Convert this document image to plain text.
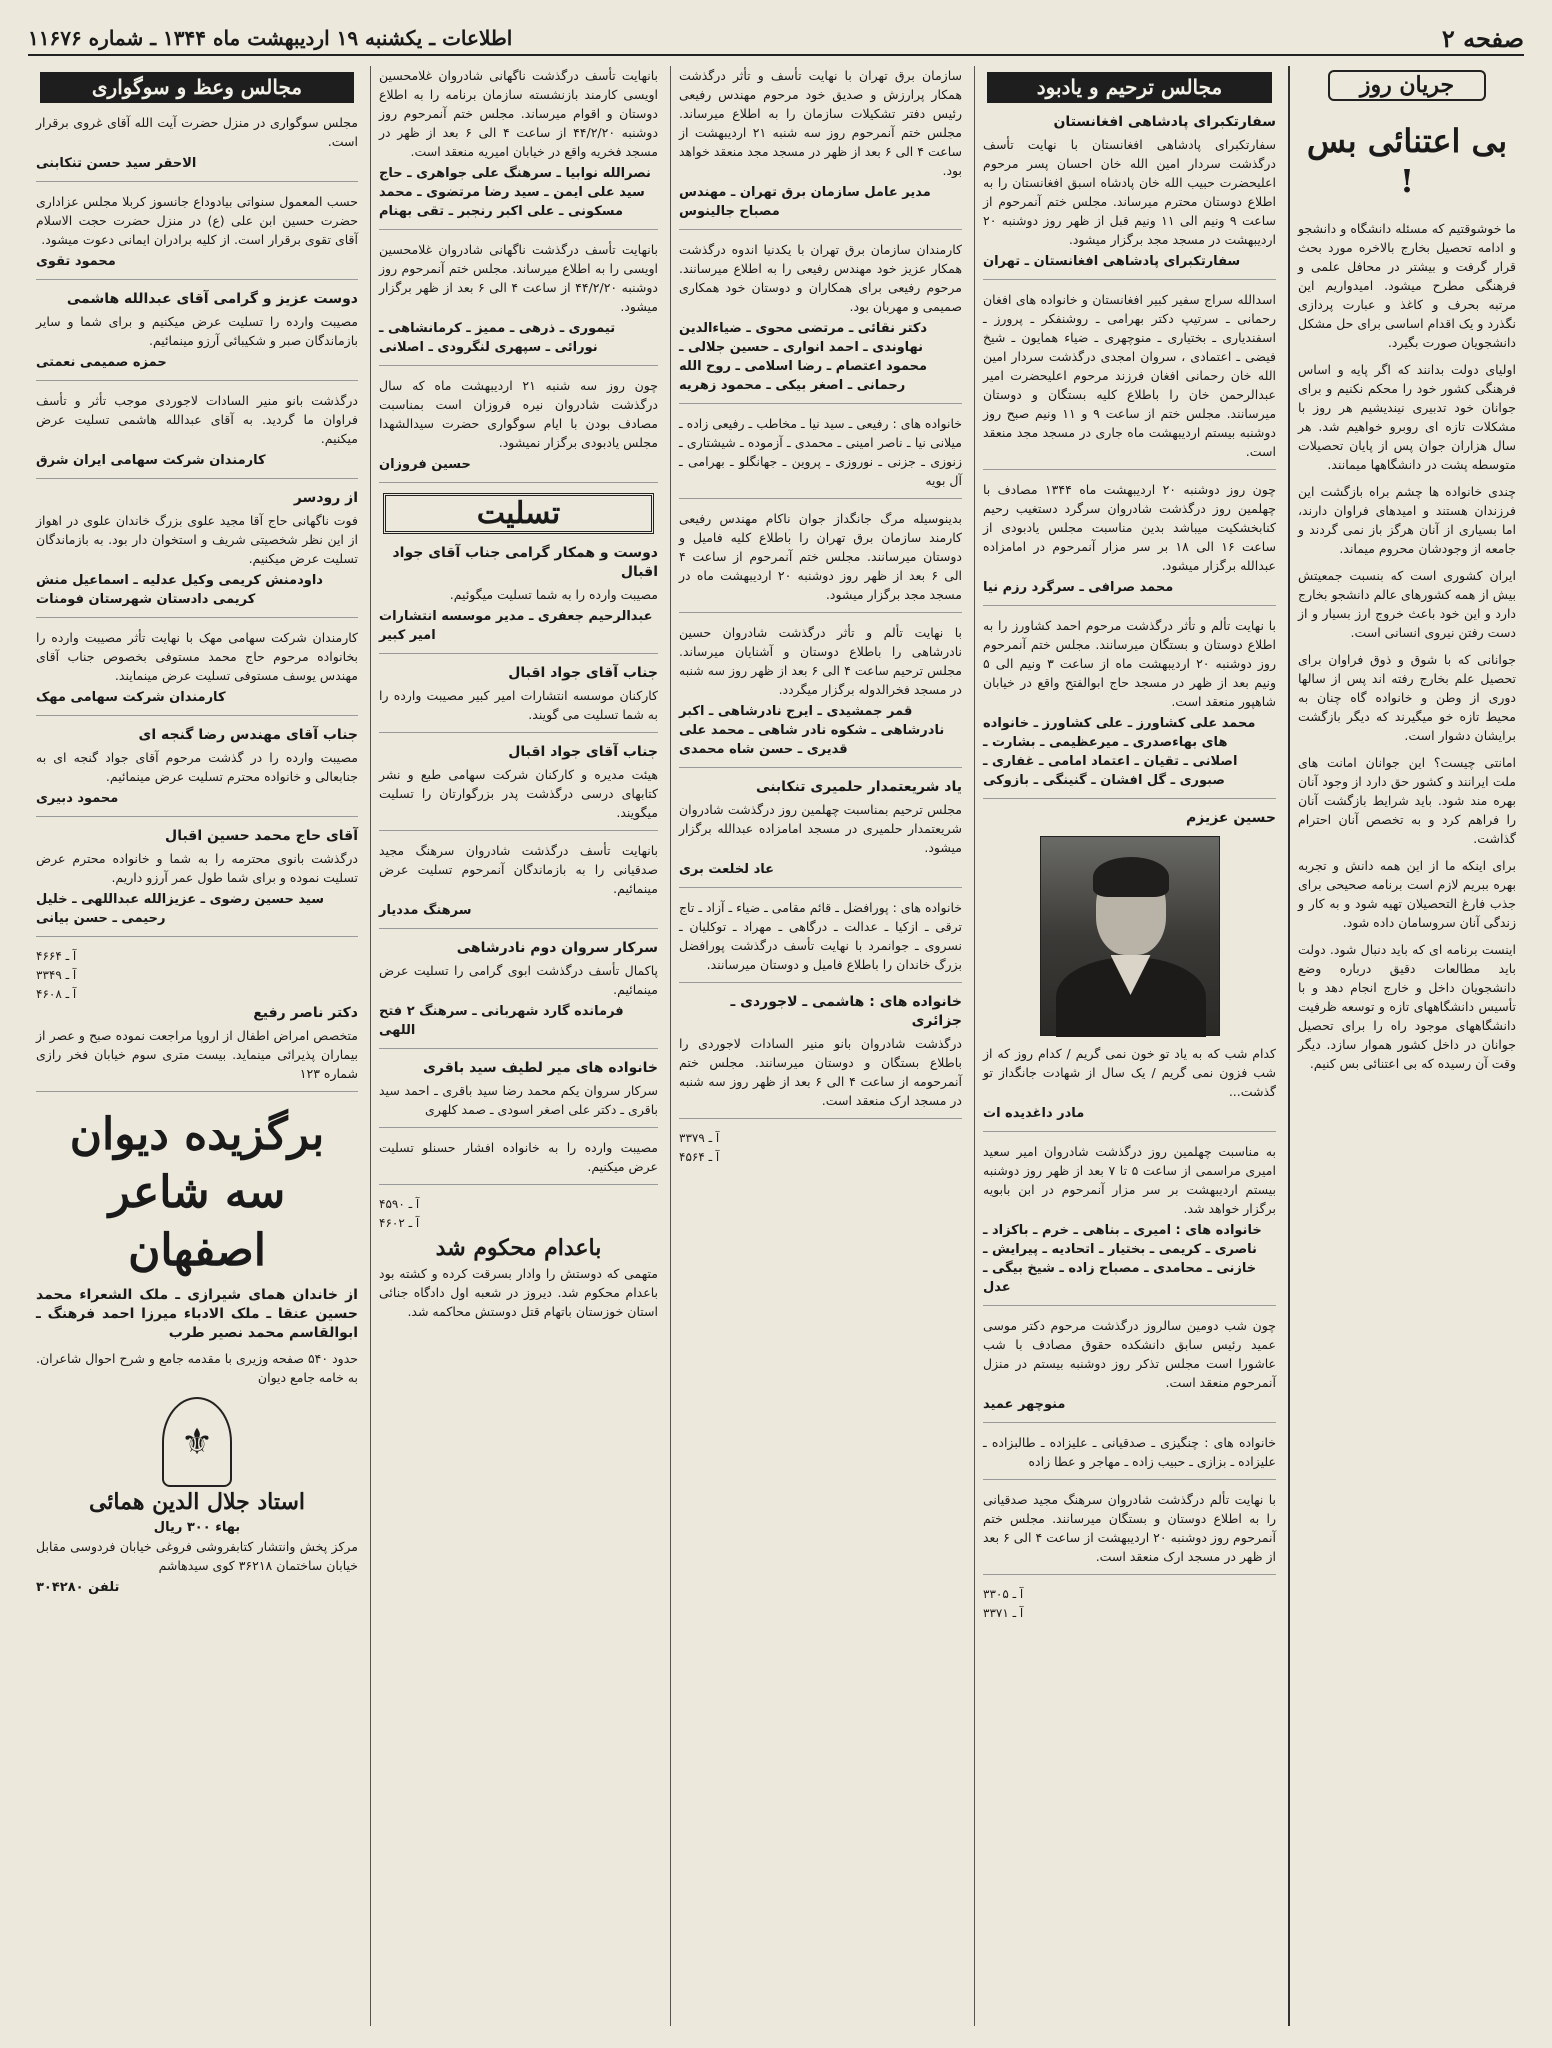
صفحه ۲
اطلاعات ـ یکشنبه ۱۹ اردیبهشت ماه ۱۳۴۴ ـ شماره ۱۱۶۷۶
جریان روز
بی اعتنائی بس !

ما خوشوقتیم که مسئله دانشگاه و دانشجو و ادامه تحصیل بخارج بالاخره مورد بحث قرار گرفت و بیشتر در محافل علمی و فرهنگی مطرح میشود. امیدواریم این مرتبه بحرف و کاغذ و عبارت پردازی نگذرد و یک اقدام اساسی برای حل مشکل دانشجویان صورت بگیرد.

اولیای دولت بدانند که اگر پایه و اساس فرهنگی کشور خود را محکم نکنیم و برای جوانان خود تدبیری نیندیشیم هر روز با مشکلات تازه ای روبرو خواهیم شد. هر سال هزاران جوان پس از پایان تحصیلات متوسطه پشت در دانشگاهها میمانند.

چندی خانواده ها چشم براه بازگشت این فرزندان هستند و امیدهای فراوان دارند، اما بسیاری از آنان هرگز باز نمی گردند و جامعه از وجودشان محروم میماند.

ایران کشوری است که بنسبت جمعیتش بیش از همه کشورهای عالم دانشجو بخارج دارد و این خود باعث خروج ارز بسیار و از دست رفتن نیروی انسانی است.

جوانانی که با شوق و ذوق فراوان برای تحصیل علم بخارج رفته اند پس از سالها دوری از وطن و خانواده گاه چنان به محیط تازه خو میگیرند که دیگر بازگشت برایشان دشوار است.

امانتی چیست؟ این جوانان امانت های ملت ایرانند و کشور حق دارد از وجود آنان بهره مند شود. باید شرایط بازگشت آنان را فراهم کرد و به تخصص آنان احترام گذاشت.

برای اینکه ما از این همه دانش و تجربه بهره ببریم لازم است برنامه صحیحی برای جذب فارغ التحصیلان تهیه شود و به کار و زندگی آنان سروسامان داده شود.

اینست برنامه ای که باید دنبال شود. دولت باید مطالعات دقیق درباره وضع دانشجویان داخل و خارج انجام دهد و با تأسیس دانشگاههای تازه و توسعه ظرفیت دانشگاههای موجود راه را برای تحصیل جوانان در داخل کشور هموار سازد. دیگر وقت آن رسیده که بی اعتنائی بس کنیم.

مجالس ترحیم و یادبود
سفارتکبرای پادشاهی افغانستان

سفارتکبرای پادشاهی افغانستان با نهایت تأسف درگذشت سردار امین الله خان احسان پسر مرحوم اعلیحضرت حبیب الله خان پادشاه اسبق افغانستان را به اطلاع دوستان محترم میرساند. مجلس ختم آنمرحوم از ساعت ۹ ونیم الی ۱۱ ونیم قبل از ظهر روز دوشنبه ۲۰ اردیبهشت در مسجد مجد برگزار میشود.

سفارتکبرای پادشاهی افغانستان ـ تهران

اسدالله سراج سفیر کبیر افغانستان و خانواده های افغان رحمانی ـ سرتیپ دکتر بهرامی ـ روشنفکر ـ پرورز ـ اسفندیاری ـ بختیاری ـ منوچهری ـ ضیاء همایون ـ شیخ فیضی ـ اعتمادی ، سروان امجدی درگذشت سردار امین الله خان رحمانی افغان فرزند مرحوم اعلیحضرت امیر عبدالرحمن خان را باطلاع کلیه بستگان و دوستان میرسانند. مجلس ختم از ساعت ۹ و ۱۱ ونیم صبح روز دوشنبه بیستم اردیبهشت ماه جاری در مسجد مجد منعقد است.

چون روز دوشنبه ۲۰ اردیبهشت ماه ۱۳۴۴ مصادف با چهلمین روز درگذشت شادروان سرگرد دستغیب رحیم کنابخشکیت میباشد بدین مناسبت مجلس یادبودی از ساعت ۱۶ الی ۱۸ بر سر مزار آنمرحوم در امامزاده عبدالله برگزار میشود.

محمد صرافی ـ سرگرد رزم نیا

با نهایت تألم و تأثر درگذشت مرحوم احمد کشاورز را به اطلاع دوستان و بستگان میرسانند. مجلس ختم آنمرحوم روز دوشنبه ۲۰ اردیبهشت ماه از ساعت ۳ ونیم الی ۵ ونیم بعد از ظهر در مسجد حاج ابوالفتح واقع در خیابان شاهپور منعقد است.

محمد علی کشاورز ـ علی کشاورز ـ خانواده های بهاءصدری ـ میرعظیمی ـ بشارت ـ اصلانی ـ تقیان ـ اعتماد امامی ـ غفاری ـ صبوری ـ گل افشان ـ گنینگی ـ بازوکی
حسین عزیزم

کدام شب که به یاد تو خون نمی گریم / کدام روز که از شب فزون نمی گریم / یک سال از شهادت جانگداز تو گذشت...

مادر داغدیده ات

به مناسبت چهلمین روز درگذشت شادروان امیر سعید امیری مراسمی از ساعت ۵ تا ۷ بعد از ظهر روز دوشنبه بیستم اردیبهشت بر سر مزار آنمرحوم در ابن بابویه برگزار خواهد شد.

خانواده های : امیری ـ بناهی ـ خرم ـ باکزاد ـ ناصری ـ کریمی ـ بختیار ـ اتحادیه ـ پیرایش ـ خازنی ـ محامدی ـ مصباح زاده ـ شیخ بیگی ـ عدل

چون شب دومین سالروز درگذشت مرحوم دکتر موسی عمید رئیس سابق دانشکده حقوق مصادف با شب عاشورا است مجلس تذکر روز دوشنبه بیستم در منزل آنمرحوم منعقد است.

منوچهر عمید

خانواده های : چنگیزی ـ صدقیانی ـ علیزاده ـ طالبزاده ـ علیزاده ـ بزازی ـ حبیب زاده ـ مهاجر و عطا زاده

با نهایت تألم درگذشت شادروان سرهنگ مجید صدقیانی را به اطلاع دوستان و بستگان میرسانند. مجلس ختم آنمرحوم روز دوشنبه ۲۰ اردیبهشت از ساعت ۴ الی ۶ بعد از ظهر در مسجد ارک منعقد است.

آ ـ ۳۳۰۵
آ ـ ۳۳۷۱

سازمان برق تهران با نهایت تأسف و تأثر درگذشت همکار پرارزش و صدیق خود مرحوم مهندس رفیعی رئیس دفتر تشکیلات سازمان را به اطلاع میرساند. مجلس ختم آنمرحوم روز سه شنبه ۲۱ اردیبهشت از ساعت ۴ الی ۶ بعد از ظهر در مسجد مجد منعقد خواهد بود.

مدیر عامل سازمان برق تهران ـ مهندس مصباح جالینوس

کارمندان سازمان برق تهران با یکدنیا اندوه درگذشت همکار عزیز خود مهندس رفیعی را به اطلاع میرسانند. مرحوم رفیعی برای همکاران و دوستان خود همکاری صمیمی و مهربان بود.

دکتر نقائی ـ مرتضی محوی ـ ضیاءالدین نهاوندی ـ احمد انواری ـ حسین جلالی ـ محمود اعتصام ـ رضا اسلامی ـ روح الله رحمانی ـ اصغر بیکی ـ محمود زهریه

خانواده های : رفیعی ـ سید نیا ـ مخاطب ـ رفیعی زاده ـ میلانی نیا ـ ناصر امینی ـ محمدی ـ آزموده ـ شیشتاری ـ زنوزی ـ جزنی ـ نوروزی ـ پروین ـ جهانگلو ـ بهرامی ـ آل بویه

بدینوسیله مرگ جانگداز جوان ناکام مهندس رفیعی کارمند سازمان برق تهران را باطلاع کلیه فامیل و دوستان میرسانند. مجلس ختم آنمرحوم از ساعت ۴ الی ۶ بعد از ظهر روز دوشنبه ۲۰ اردیبهشت ماه در مسجد مجد برگزار میشود.

با نهایت تألم و تأثر درگذشت شادروان حسین نادرشاهی را باطلاع دوستان و آشنایان میرساند. مجلس ترحیم ساعت ۴ الی ۶ بعد از ظهر روز سه شنبه در مسجد فخرالدوله برگزار میگردد.

قمر جمشیدی ـ ایرج نادرشاهی ـ اکبر نادرشاهی ـ شکوه نادر شاهی ـ محمد علی قدیری ـ حسن شاه محمدی
یاد شریعتمدار حلمیری تنکابنی

مجلس ترحیم بمناسبت چهلمین روز درگذشت شادروان شریعتمدار حلمیری در مسجد امامزاده عبدالله برگزار میشود.

عاد لخلعت بری

خانواده های : پورافضل ـ قائم مقامی ـ ضیاء ـ آزاد ـ تاج ترقی ـ ازکیا ـ عدالت ـ درگاهی ـ مهراد ـ توکلیان ـ نسروی ـ جوانمرد با نهایت تأسف درگذشت پورافضل بزرگ خاندان را باطلاع فامیل و دوستان میرسانند.

خانواده های : هاشمی ـ لاجوردی ـ جزائری

درگذشت شادروان بانو منیر السادات لاجوردی را باطلاع بستگان و دوستان میرسانند. مجلس ختم آنمرحومه از ساعت ۴ الی ۶ بعد از ظهر روز سه شنبه در مسجد ارک منعقد است.

آ ـ ۳۳۷۹
آ ـ ۴۵۶۴

بانهایت تأسف درگذشت ناگهانی شادروان غلامحسین اویسی کارمند بازنشسته سازمان برنامه را به اطلاع دوستان و اقوام میرساند. مجلس ختم آنمرحوم روز دوشنبه ۴۴/۲/۲۰ از ساعت ۴ الی ۶ بعد از ظهر در مسجد فخریه واقع در خیابان امیریه منعقد است.

نصرالله نوابیا ـ سرهنگ علی جواهری ـ حاج سید علی ایمن ـ سید رضا مرتضوی ـ محمد مسکونی ـ علی اکبر رنجبر ـ تقی بهنام

بانهایت تأسف درگذشت ناگهانی شادروان غلامحسین اویسی را به اطلاع میرساند. مجلس ختم آنمرحوم روز دوشنبه ۴۴/۲/۲۰ از ساعت ۴ الی ۶ بعد از ظهر برگزار میشود.

تیموری ـ ذرهی ـ ممیز ـ کرمانشاهی ـ نورائی ـ سپهری لنگرودی ـ اصلانی

چون روز سه شنبه ۲۱ اردیبهشت ماه که سال درگذشت شادروان نیره فروزان است بمناسبت مصادف بودن با ایام سوگواری حضرت سیدالشهدا مجلس یادبودی برگزار نمیشود.

حسین فروزان
تسلیت
دوست و همکار گرامی جناب آقای جواد اقبال

مصیبت وارده را به شما تسلیت میگوئیم.

عبدالرحیم جعفری ـ مدیر موسسه انتشارات امیر کبیر
جناب آقای جواد اقبال

کارکنان موسسه انتشارات امیر کبیر مصیبت وارده را به شما تسلیت می گویند.

جناب آقای جواد اقبال

هیئت مدیره و کارکنان شرکت سهامی طبع و نشر کتابهای درسی درگذشت پدر بزرگوارتان را تسلیت میگویند.

بانهایت تأسف درگذشت شادروان سرهنگ مجید صدقیانی را به بازماندگان آنمرحوم تسلیت عرض مینمائیم.

سرهنگ مددیار
سرکار سروان دوم نادرشاهی

پاکمال تأسف درگذشت ابوی گرامی را تسلیت عرض مینمائیم.

فرمانده گارد شهربانی ـ سرهنگ ۲ فتح اللهی
خانواده های میر لطیف سید باقری

سرکار سروان یکم محمد رضا سید باقری ـ احمد سید باقری ـ دکتر علی اصغر اسودی ـ صمد کلهری

مصیبت وارده را به خانواده افشار حسنلو تسلیت عرض میکنیم.

آ ـ ۴۵۹۰
آ ـ ۴۶۰۲
باعدام محکوم شد

متهمی که دوستش را وادار بسرقت کرده و کشته بود باعدام محکوم شد. دیروز در شعبه اول دادگاه جنائی استان خوزستان باتهام قتل دوستش محاکمه شد.

مجالس وعظ و سوگواری

مجلس سوگواری در منزل حضرت آیت الله آقای غروی برقرار است.

الاحقر سید حسن تنکابنی

حسب المعمول سنواتی بیادوداع جانسوز کربلا مجلس عزاداری حضرت حسین ابن علی (ع) در منزل حضرت حجت الاسلام آقای تقوی برقرار است. از کلیه برادران ایمانی دعوت میشود.

محمود تقوی
دوست عزیز و گرامی آقای عبدالله هاشمی

مصیبت وارده را تسلیت عرض میکنیم و برای شما و سایر بازماندگان صبر و شکیبائی آرزو مینمائیم.

حمزه صمیمی نعمتی

درگذشت بانو منیر السادات لاجوردی موجب تأثر و تأسف فراوان ما گردید. به آقای عبدالله هاشمی تسلیت عرض میکنیم.

کارمندان شرکت سهامی ایران شرق
از رودسر

فوت ناگهانی حاج آقا مجید علوی بزرگ خاندان علوی در اهواز از این نظر شخصیتی شریف و استخوان دار بود. به بازماندگان تسلیت عرض میکنیم.

داودمنش کریمی وکیل عدلیه ـ اسماعیل منش کریمی دادستان شهرستان فومنات

کارمندان شرکت سهامی مهک با نهایت تأثر مصیبت وارده را بخانواده مرحوم حاج محمد مستوفی بخصوص جناب آقای مهندس یوسف مستوفی تسلیت عرض مینمایند.

کارمندان شرکت سهامی مهک
جناب آقای مهندس رضا گنجه ای

مصیبت وارده را در گذشت مرحوم آقای جواد گنجه ای به جنابعالی و خانواده محترم تسلیت عرض مینمائیم.

محمود دبیری
آقای حاج محمد حسین اقبال

درگذشت بانوی محترمه را به شما و خانواده محترم عرض تسلیت نموده و برای شما طول عمر آرزو داریم.

سید حسین رضوی ـ عزیزالله عبداللهی ـ خلیل رحیمی ـ حسن بیانی
آ ـ ۴۶۶۴
آ ـ ۳۳۴۹
آ ـ ۴۶۰۸
دکتر ناصر رفیع

متخصص امراض اطفال از اروپا مراجعت نموده صبح و عصر از بیماران پذیرائی مینماید. بیست متری سوم خیابان فخر رازی شماره ۱۲۳

برگزیده دیوان سه شاعر اصفهان
از خاندان همای شیرازی ـ ملک الشعراء محمد حسین عنقا ـ ملک الادباء میرزا احمد فرهنگ ـ ابوالقاسم محمد نصیر طرب

حدود ۵۴۰ صفحه وزیری با مقدمه جامع و شرح احوال شاعران. به خامه جامع دیوان

⚜
استاد جلال الدین همائی
بهاء ۳۰۰ ریال

مرکز پخش وانتشار کتابفروشی فروغی خیابان فردوسی مقابل خیابان ساختمان ۳۶۲۱۸ کوی سیدهاشم

تلفن ۳۰۴۲۸۰
